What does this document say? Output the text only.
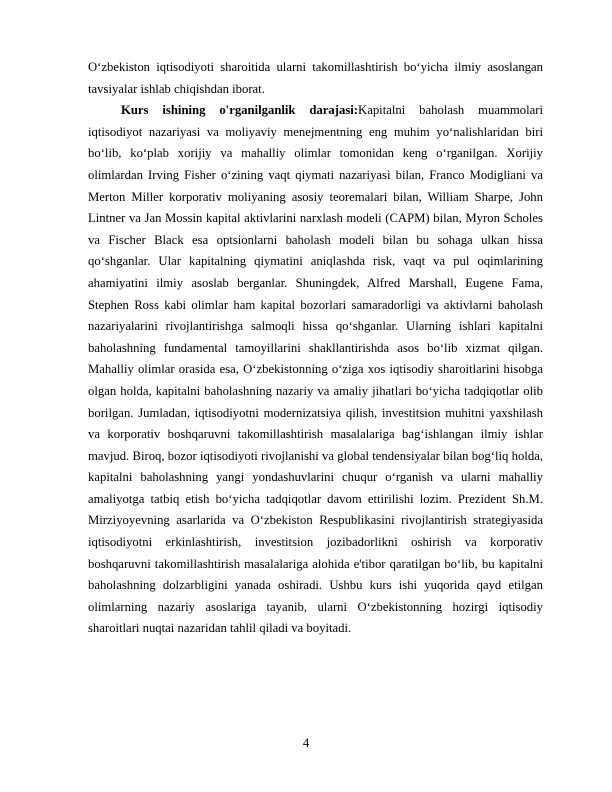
O‘zbekiston iqtisodiyoti sharoitida ularni takomillashtirish bo‘yicha ilmiy asoslangan tavsiyalar ishlab chiqishdan iborat.

Kurs ishining o'rganilganlik darajasi:Kapitalni baholash muammolari iqtisodiyot nazariyasi va moliyaviy menejmentning eng muhim yo‘nalishlaridan biri bo‘lib, ko‘plab xorijiy va mahalliy olimlar tomonidan keng o‘rganilgan. Xorijiy olimlardan Irving Fisher o‘zining vaqt qiymati nazariyasi bilan, Franco Modigliani va Merton Miller korporativ moliyaning asosiy teoremalari bilan, William Sharpe, John Lintner va Jan Mossin kapital aktivlarini narxlash modeli (CAPM) bilan, Myron Scholes va Fischer Black esa optsionlarni baholash modeli bilan bu sohaga ulkan hissa qo‘shganlar. Ular kapitalning qiymatini aniqlashda risk, vaqt va pul oqimlarining ahamiyatini ilmiy asoslab berganlar. Shuningdek, Alfred Marshall, Eugene Fama, Stephen Ross kabi olimlar ham kapital bozorlari samaradorligi va aktivlarni baholash nazariyalarini rivojlantirishga salmoqli hissa qo‘shganlar. Ularning ishlari kapitalni baholashning fundamental tamoyillarini shakllantirishda asos bo‘lib xizmat qilgan. Mahalliy olimlar orasida esa, O‘zbekistonning o‘ziga xos iqtisodiy sharoitlarini hisobga olgan holda, kapitalni baholashning nazariy va amaliy jihatlari bo‘yicha tadqiqotlar olib borilgan. Jumladan, iqtisodiyotni modernizatsiya qilish, investitsion muhitni yaxshilash va korporativ boshqaruvni takomillashtirish masalalariga bag‘ishlangan ilmiy ishlar mavjud. Biroq, bozor iqtisodiyoti rivojlanishi va global tendensiyalar bilan bog‘liq holda, kapitalni baholashning yangi yondashuvlarini chuqur o‘rganish va ularni mahalliy amaliyotga tatbiq etish bo‘yicha tadqiqotlar davom ettirilishi lozim. Prezident Sh.M. Mirziyoyevning asarlarida va O‘zbekiston Respublikasini rivojlantirish strategiyasida iqtisodiyotni erkinlashtirish, investitsion jozibadorlikni oshirish va korporativ boshqaruvni takomillashtirish masalalariga alohida e'tibor qaratilgan bo‘lib, bu kapitalni baholashning dolzarbligini yanada oshiradi. Ushbu kurs ishi yuqorida qayd etilgan olimlarning nazariy asoslariga tayanib, ularni O‘zbekistonning hozirgi iqtisodiy sharoitlari nuqtai nazaridan tahlil qiladi va boyitadi.

4
